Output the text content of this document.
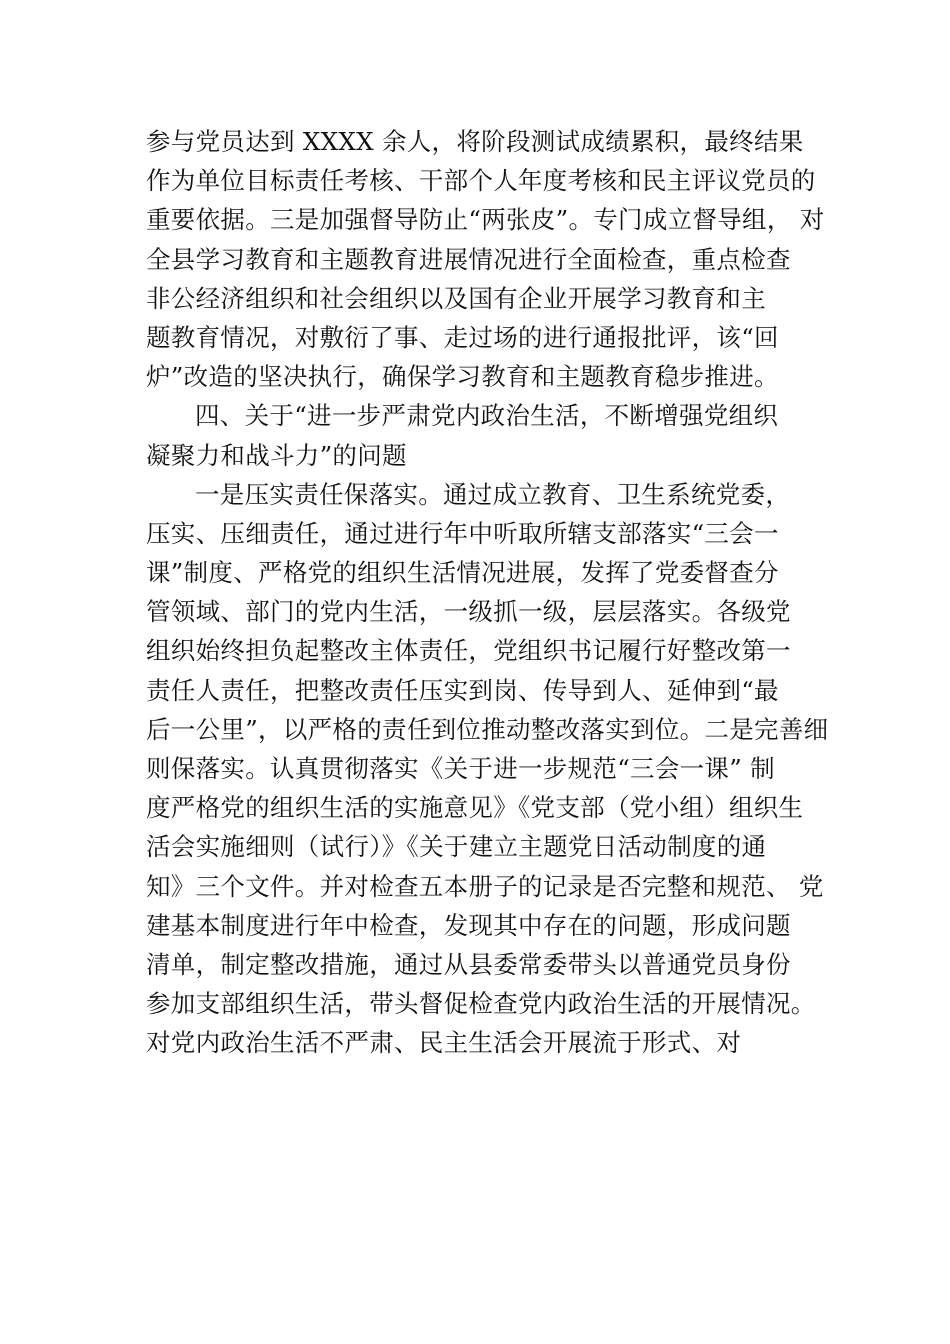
参与党员达到 XXXX 余人，将阶段测试成绩累积，最终结果
作为单位目标责任考核、干部个人年度考核和民主评议党员的
重要依据。三是加强督导防止“两张皮”。专门成立督导组， 对
全县学习教育和主题教育进展情况进行全面检查，重点检查
非公经济组织和社会组织以及国有企业开展学习教育和主
题教育情况，对敷衍了事、走过场的进行通报批评，该“回
炉”改造的坚决执行，确保学习教育和主题教育稳步推进。
四、关于“进一步严肃党内政治生活，不断增强党组织
凝聚力和战斗力”的问题
一是压实责任保落实。通过成立教育、卫生系统党委，
压实、压细责任，通过进行年中听取所辖支部落实“三会一
课”制度、严格党的组织生活情况进展，发挥了党委督查分
管领域、部门的党内生活，一级抓一级，层层落实。各级党
组织始终担负起整改主体责任，党组织书记履行好整改第一
责任人责任，把整改责任压实到岗、传导到人、延伸到“最
后一公里”，以严格的责任到位推动整改落实到位。二是完善细
则保落实。认真贯彻落实《关于进一步规范“三会一课” 制
度严格党的组织生活的实施意见》《党支部（党小组）组织生
活会实施细则（试行）》《关于建立主题党日活动制度的通
知》三个文件。并对检查五本册子的记录是否完整和规范、 党
建基本制度进行年中检查，发现其中存在的问题，形成问题
清单，制定整改措施，通过从县委常委带头以普通党员身份
参加支部组织生活，带头督促检查党内政治生活的开展情况。
对党内政治生活不严肃、民主生活会开展流于形式、对
